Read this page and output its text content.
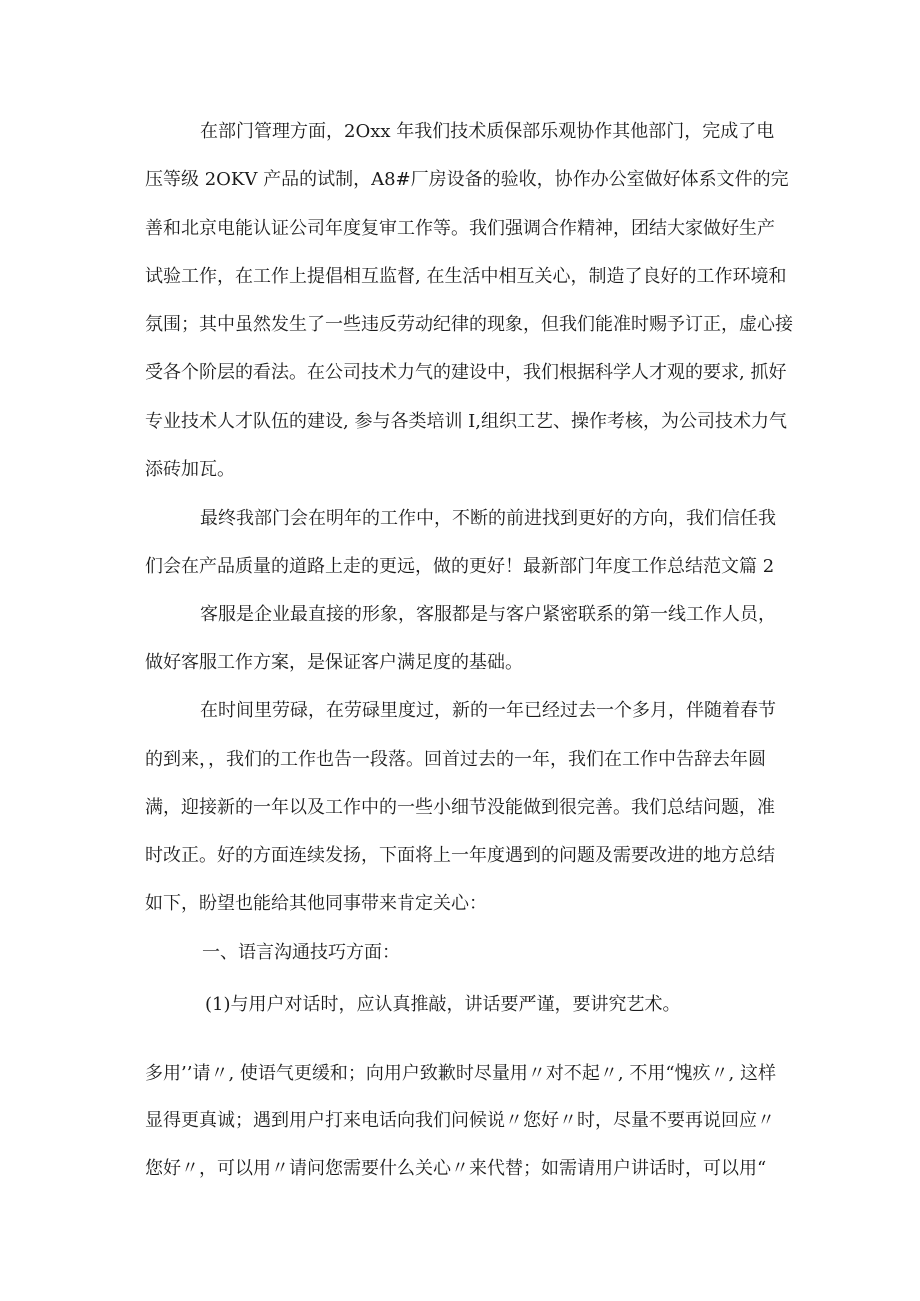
在部门管理方面，2Oxx 年我们技术质保部乐观协作其他部门，完成了电
压等级 2OKV 产品的试制，A8#厂房设备的验收，协作办公室做好体系文件的完
善和北京电能认证公司年度复审工作等。我们强调合作精神，团结大家做好生产
试验工作，在工作上提倡相互监督, 在生活中相互关心，制造了良好的工作环境和
氛围；其中虽然发生了一些违反劳动纪律的现象，但我们能准时赐予订正，虚心接
受各个阶层的看法。在公司技术力气的建设中，我们根据科学人才观的要求, 抓好
专业技术人才队伍的建设, 参与各类培训 I,组织工艺、操作考核，为公司技术力气
添砖加瓦。
最终我部门会在明年的工作中，不断的前进找到更好的方向，我们信任我
们会在产品质量的道路上走的更远，做的更好！最新部门年度工作总结范文篇 2
客服是企业最直接的形象，客服都是与客户紧密联系的第一线工作人员，
做好客服工作方案，是保证客户满足度的基础。
在时间里劳碌，在劳碌里度过，新的一年已经过去一个多月，伴随着春节
的到来，，我们的工作也告一段落。回首过去的一年，我们在工作中告辞去年圆
满，迎接新的一年以及工作中的一些小细节没能做到很完善。我们总结问题，准
时改正。好的方面连续发扬，下面将上一年度遇到的问题及需要改进的地方总结
如下，盼望也能给其他同事带来肯定关心：
一、语言沟通技巧方面：
(1)与用户对话时，应认真推敲，讲话要严谨，要讲究艺术。
多用’’请〃, 使语气更缓和；向用户致歉时尽量用〃对不起〃, 不用“愧疚〃, 这样
显得更真诚；遇到用户打来电话向我们问候说〃您好〃时，尽量不要再说回应〃
您好〃，可以用〃请问您需要什么关心〃来代替；如需请用户讲话时，可以用“
